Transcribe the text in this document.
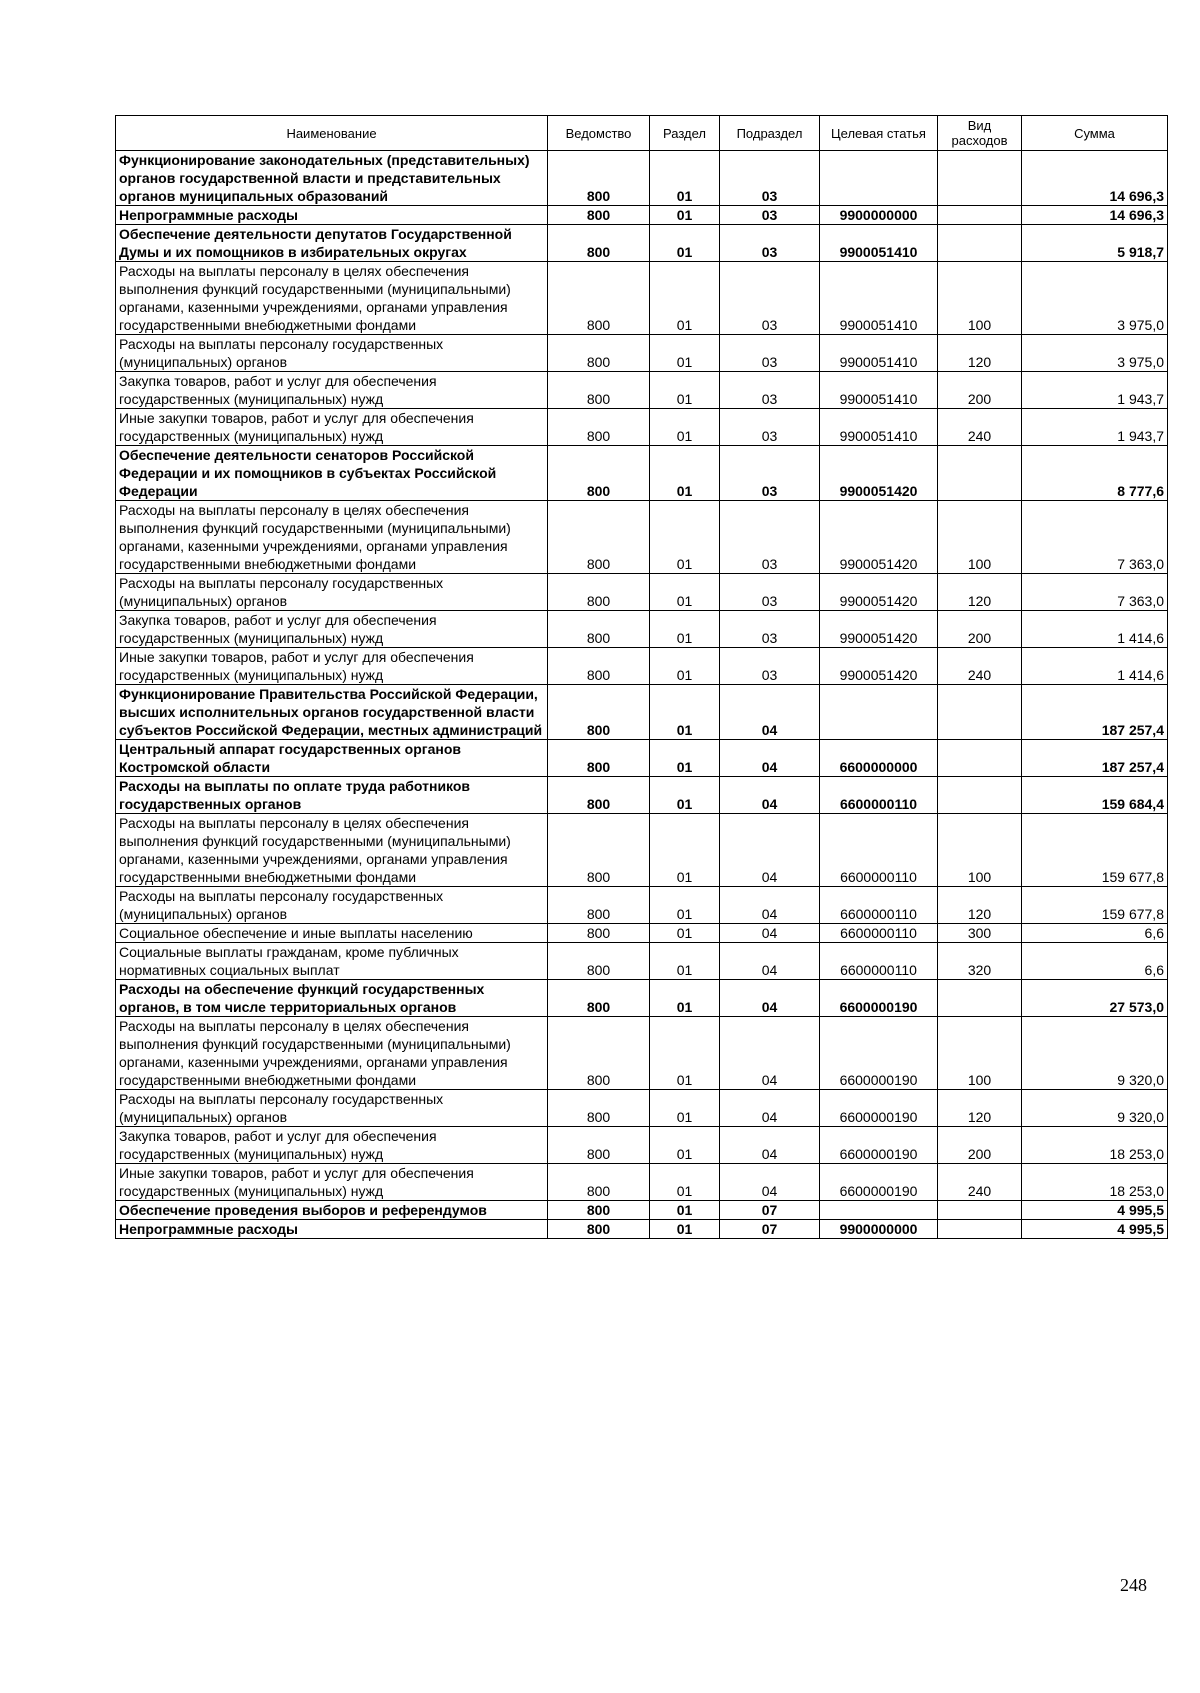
Наименование	Ведомство	Раздел	Подраздел	Целевая статья	Вид расходов	Сумма
Функционирование законодательных (представительных) органов государственной власти и представительных органов муниципальных образований	800	01	03			14 696,3
Непрограммные расходы	800	01	03	9900000000		14 696,3
Обеспечение деятельности депутатов Государственной Думы и их помощников в избирательных округах	800	01	03	9900051410		5 918,7
Расходы на выплаты персоналу в целях обеспечения выполнения функций государственными (муниципальными) органами, казенными учреждениями, органами управления государственными внебюджетными фондами	800	01	03	9900051410	100	3 975,0
Расходы на выплаты персоналу государственных (муниципальных) органов	800	01	03	9900051410	120	3 975,0
Закупка товаров, работ и услуг для обеспечения государственных (муниципальных) нужд	800	01	03	9900051410	200	1 943,7
Иные закупки товаров, работ и услуг для обеспечения государственных (муниципальных) нужд	800	01	03	9900051410	240	1 943,7
Обеспечение деятельности сенаторов Российской Федерации и их помощников в субъектах Российской Федерации	800	01	03	9900051420		8 777,6
Расходы на выплаты персоналу в целях обеспечения выполнения функций государственными (муниципальными) органами, казенными учреждениями, органами управления государственными внебюджетными фондами	800	01	03	9900051420	100	7 363,0
Расходы на выплаты персоналу государственных (муниципальных) органов	800	01	03	9900051420	120	7 363,0
Закупка товаров, работ и услуг для обеспечения государственных (муниципальных) нужд	800	01	03	9900051420	200	1 414,6
Иные закупки товаров, работ и услуг для обеспечения государственных (муниципальных) нужд	800	01	03	9900051420	240	1 414,6
Функционирование Правительства Российской Федерации, высших исполнительных органов государственной власти субъектов Российской Федерации, местных администраций	800	01	04			187 257,4
Центральный аппарат государственных органов Костромской области	800	01	04	6600000000		187 257,4
Расходы на выплаты по оплате труда работников государственных органов	800	01	04	6600000110		159 684,4
Расходы на выплаты персоналу в целях обеспечения выполнения функций государственными (муниципальными) органами, казенными учреждениями, органами управления государственными внебюджетными фондами	800	01	04	6600000110	100	159 677,8
Расходы на выплаты персоналу государственных (муниципальных) органов	800	01	04	6600000110	120	159 677,8
Социальное обеспечение и иные выплаты населению	800	01	04	6600000110	300	6,6
Социальные выплаты гражданам, кроме публичных нормативных социальных выплат	800	01	04	6600000110	320	6,6
Расходы на обеспечение функций государственных органов, в том числе территориальных органов	800	01	04	6600000190		27 573,0
Расходы на выплаты персоналу в целях обеспечения выполнения функций государственными (муниципальными) органами, казенными учреждениями, органами управления государственными внебюджетными фондами	800	01	04	6600000190	100	9 320,0
Расходы на выплаты персоналу государственных (муниципальных) органов	800	01	04	6600000190	120	9 320,0
Закупка товаров, работ и услуг для обеспечения государственных (муниципальных) нужд	800	01	04	6600000190	200	18 253,0
Иные закупки товаров, работ и услуг для обеспечения государственных (муниципальных) нужд	800	01	04	6600000190	240	18 253,0
Обеспечение проведения выборов и референдумов	800	01	07			4 995,5
Непрограммные расходы	800	01	07	9900000000		4 995,5
248
